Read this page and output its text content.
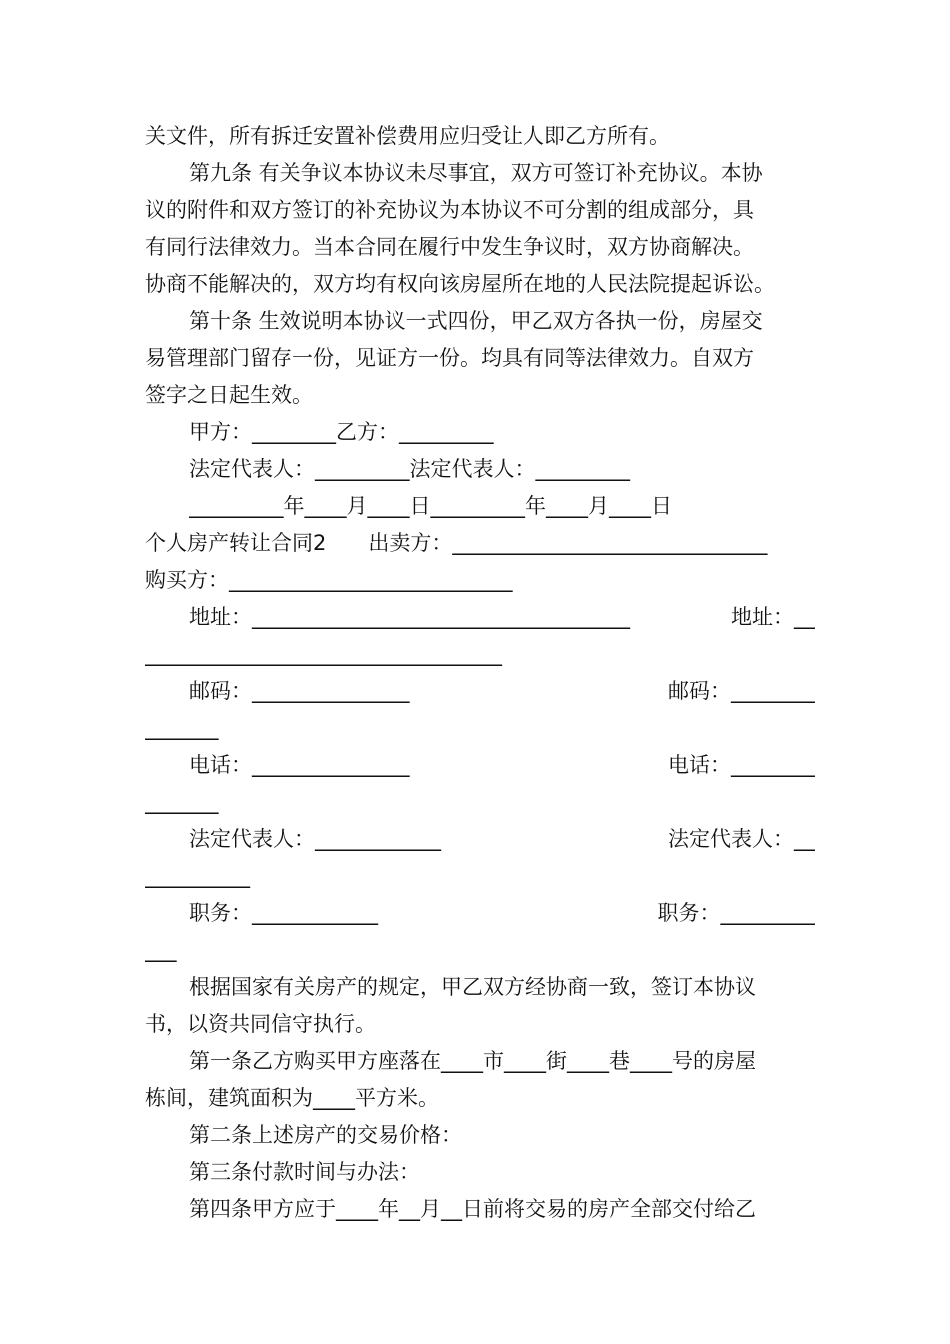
关文件，所有拆迁安置补偿费用应归受让人即乙方所有。
第九条 有关争议本协议未尽事宜，双方可签订补充协议。本协
议的附件和双方签订的补充协议为本协议不可分割的组成部分，具
有同行法律效力。当本合同在履行中发生争议时，双方协商解决。
协商不能解决的，双方均有权向该房屋所在地的人民法院提起诉讼。
第十条 生效说明本协议一式四份，甲乙双方各执一份，房屋交
易管理部门留存一份，见证方一份。均具有同等法律效力。自双方
签字之日起生效。
甲方：________乙方：_________
法定代表人：_________法定代表人：_________
_________年____月____日_________年____月____日
个人房产转让合同2　　出卖方：______________________________
购买方：___________________________
地址：____________________________________	地址：__
__________________________________
邮码：_______________	邮码：________
_______
电话：_______________	电话：________
_______
法定代表人：____________	法定代表人：__
__________
职务：____________	职务：_________
___
根据国家有关房产的规定，甲乙双方经协商一致，签订本协议
书，以资共同信守执行。
第一条乙方购买甲方座落在____市____街____巷____号的房屋
栋间，建筑面积为____平方米。
第二条上述房产的交易价格：
第三条付款时间与办法：
第四条甲方应于____年__月__日前将交易的房产全部交付给乙
